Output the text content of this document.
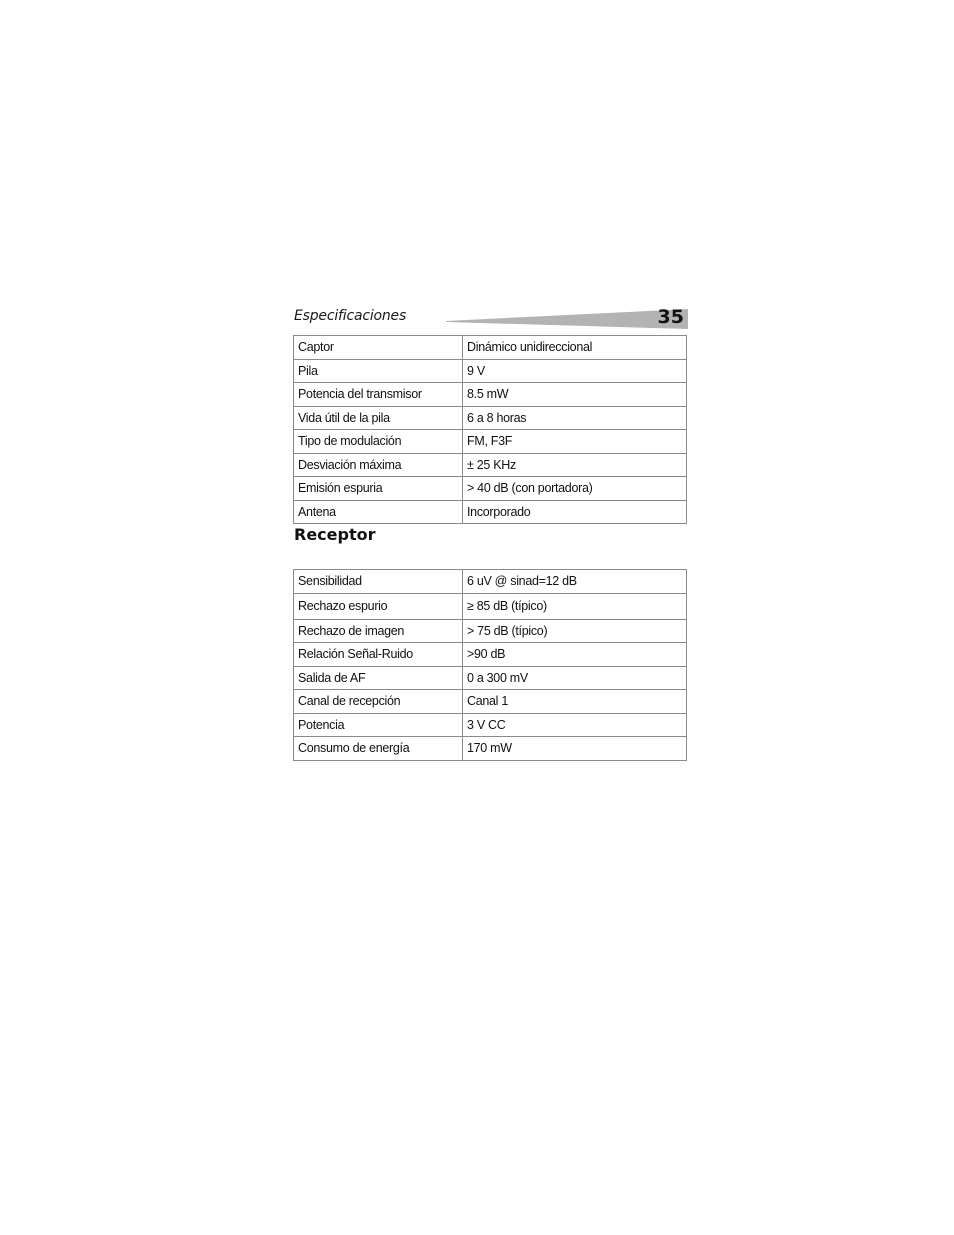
Especificaciones	35
Captor	Dinámico unidireccional
Pila	9 V
Potencia del transmisor	8.5 mW
Vida útil de la pila	6 a 8 horas
Tipo de modulación	FM, F3F
Desviación máxima	± 25 KHz
Emisión espuria	> 40 dB (con portadora)
Antena	Incorporado
Receptor
Sensibilidad	6 uV @ sinad=12 dB
Rechazo espurio	≥ 85 dB (típico)
Rechazo de imagen	> 75 dB (típico)
Relación Señal-Ruido	>90 dB
Salida de AF	0 a 300 mV
Canal de recepción	Canal 1
Potencia	3 V CC
Consumo de energía	170 mW
